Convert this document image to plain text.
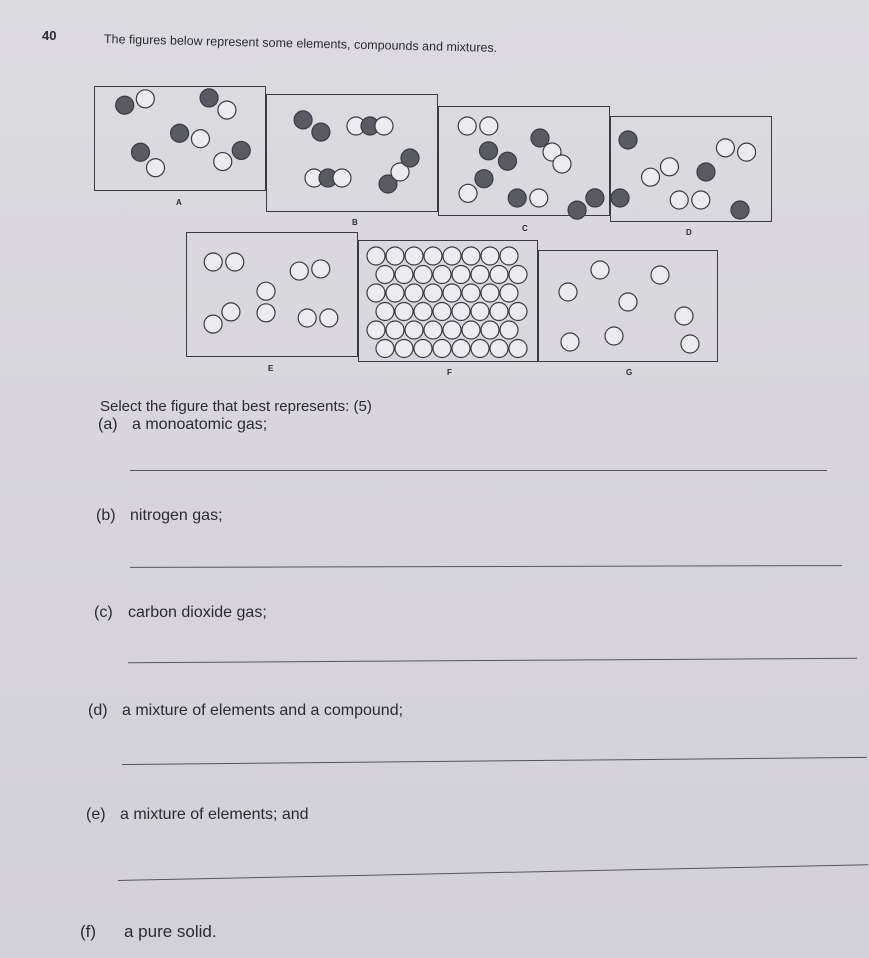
40	The figures below represent some elements, compounds and mixtures.
A
B
C	D
E	F	G
Select the figure that best represents: (5)
(a) a monoatomic gas;
(b) nitrogen gas;
(c) carbon dioxide gas;
(d) a mixture of elements and a compound;
(e) a mixture of elements; and
(f) a pure solid.
